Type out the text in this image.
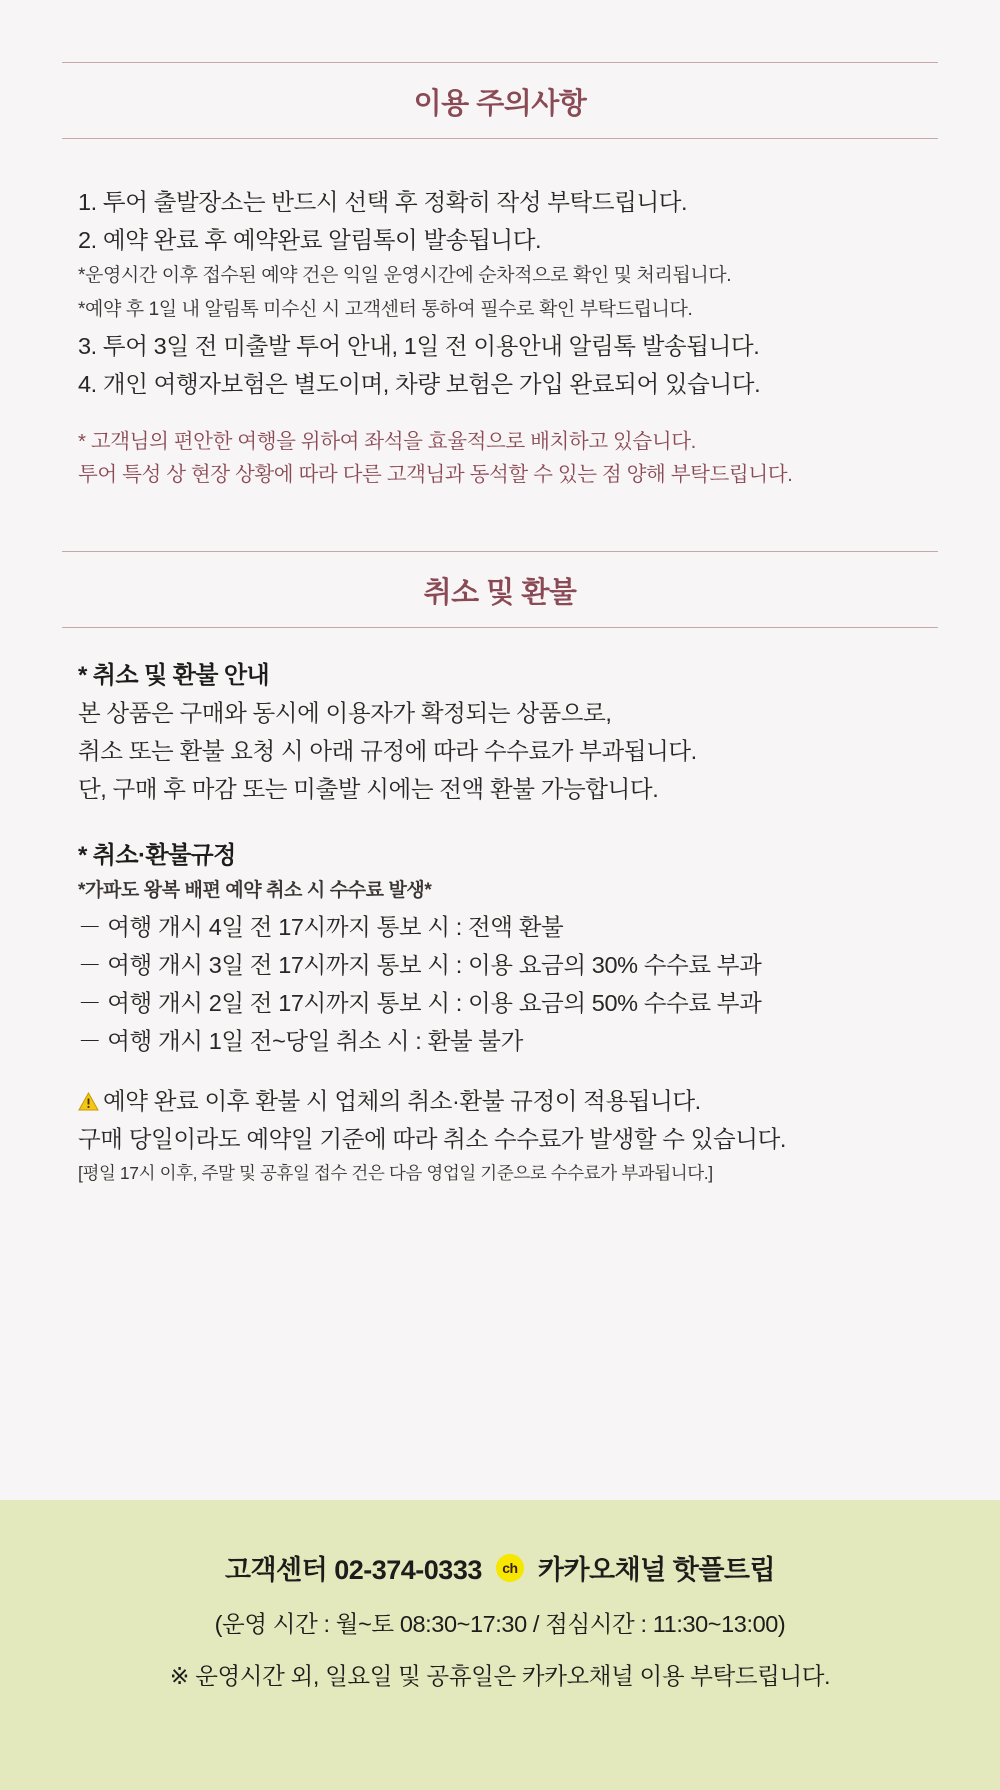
이용 주의사항
1. 투어 출발장소는 반드시 선택 후 정확히 작성 부탁드립니다.
2. 예약 완료 후 예약완료 알림톡이 발송됩니다.
*운영시간 이후 접수된 예약 건은 익일 운영시간에 순차적으로 확인 및 처리됩니다.
*예약 후 1일 내 알림톡 미수신 시 고객센터 통하여 필수로 확인 부탁드립니다.
3. 투어 3일 전 미출발 투어 안내, 1일 전 이용안내 알림톡 발송됩니다.
4. 개인 여행자보험은 별도이며, 차량 보험은 가입 완료되어 있습니다.
* 고객님의 편안한 여행을 위하여 좌석을 효율적으로 배치하고 있습니다.
투어 특성 상 현장 상황에 따라 다른 고객님과 동석할 수 있는 점 양해 부탁드립니다.
취소 및 환불
* 취소 및 환불 안내
본 상품은 구매와 동시에 이용자가 확정되는 상품으로,
취소 또는 환불 요청 시 아래 규정에 따라 수수료가 부과됩니다.
단, 구매 후 마감 또는 미출발 시에는 전액 환불 가능합니다.
* 취소·환불규정
*가파도 왕복 배편 예약 취소 시 수수료 발생*
－ 여행 개시 4일 전 17시까지 통보 시 : 전액 환불
－ 여행 개시 3일 전 17시까지 통보 시 : 이용 요금의 30% 수수료 부과
－ 여행 개시 2일 전 17시까지 통보 시 : 이용 요금의 50% 수수료 부과
－ 여행 개시 1일 전~당일 취소 시 : 환불 불가
예약 완료 이후 환불 시 업체의 취소·환불 규정이 적용됩니다.
구매 당일이라도 예약일 기준에 따라 취소 수수료가 발생할 수 있습니다.
[평일 17시 이후, 주말 및 공휴일 접수 건은 다음 영업일 기준으로 수수료가 부과됩니다.]
고객센터 02-374-0333	ch 카카오채널 핫플트립
(운영 시간 : 월~토 08:30~17:30 / 점심시간 : 11:30~13:00)
※ 운영시간 외, 일요일 및 공휴일은 카카오채널 이용 부탁드립니다.
